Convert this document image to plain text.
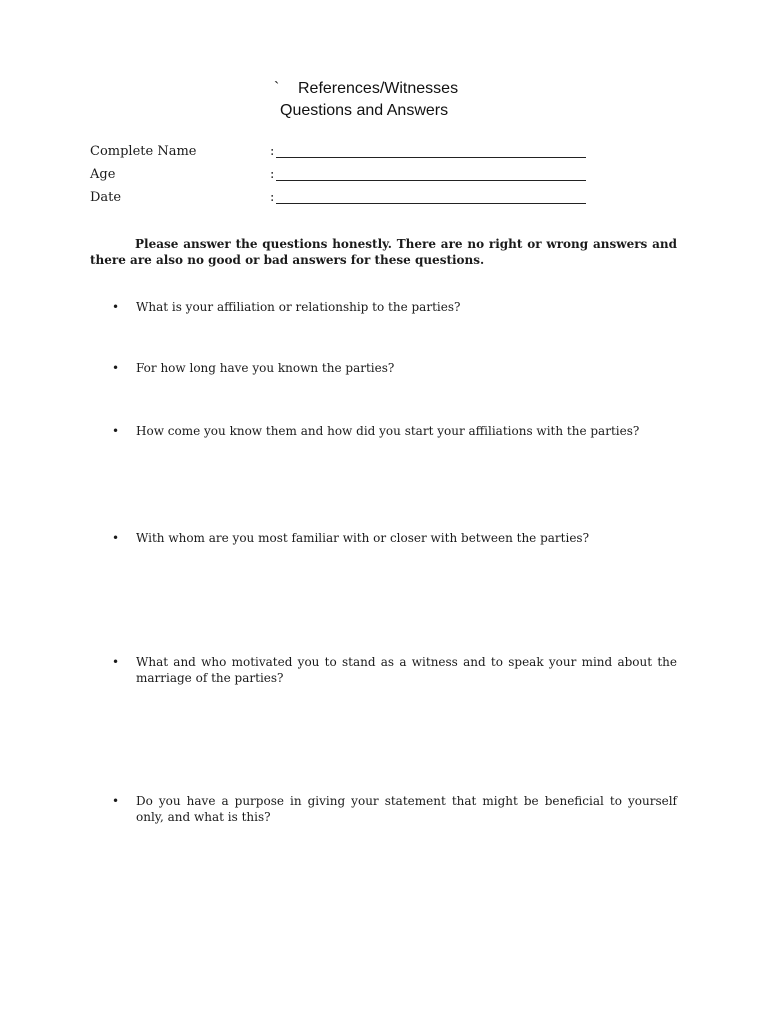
` References/Witnesses
Questions and Answers
Complete Name	:
Age	:
Date	:

Please answer the questions honestly. There are no right or wrong answers and there are also no good or bad answers for these questions.

• What is your affiliation or relationship to the parties?

• For how long have you known the parties?

• How come you know them and how did you start your affiliations with the parties?

• With whom are you most familiar with or closer with between the parties?

• What and who motivated you to stand as a witness and to speak your mind about the marriage of the parties?

• Do you have a purpose in giving your statement that might be beneficial to yourself only, and what is this?
